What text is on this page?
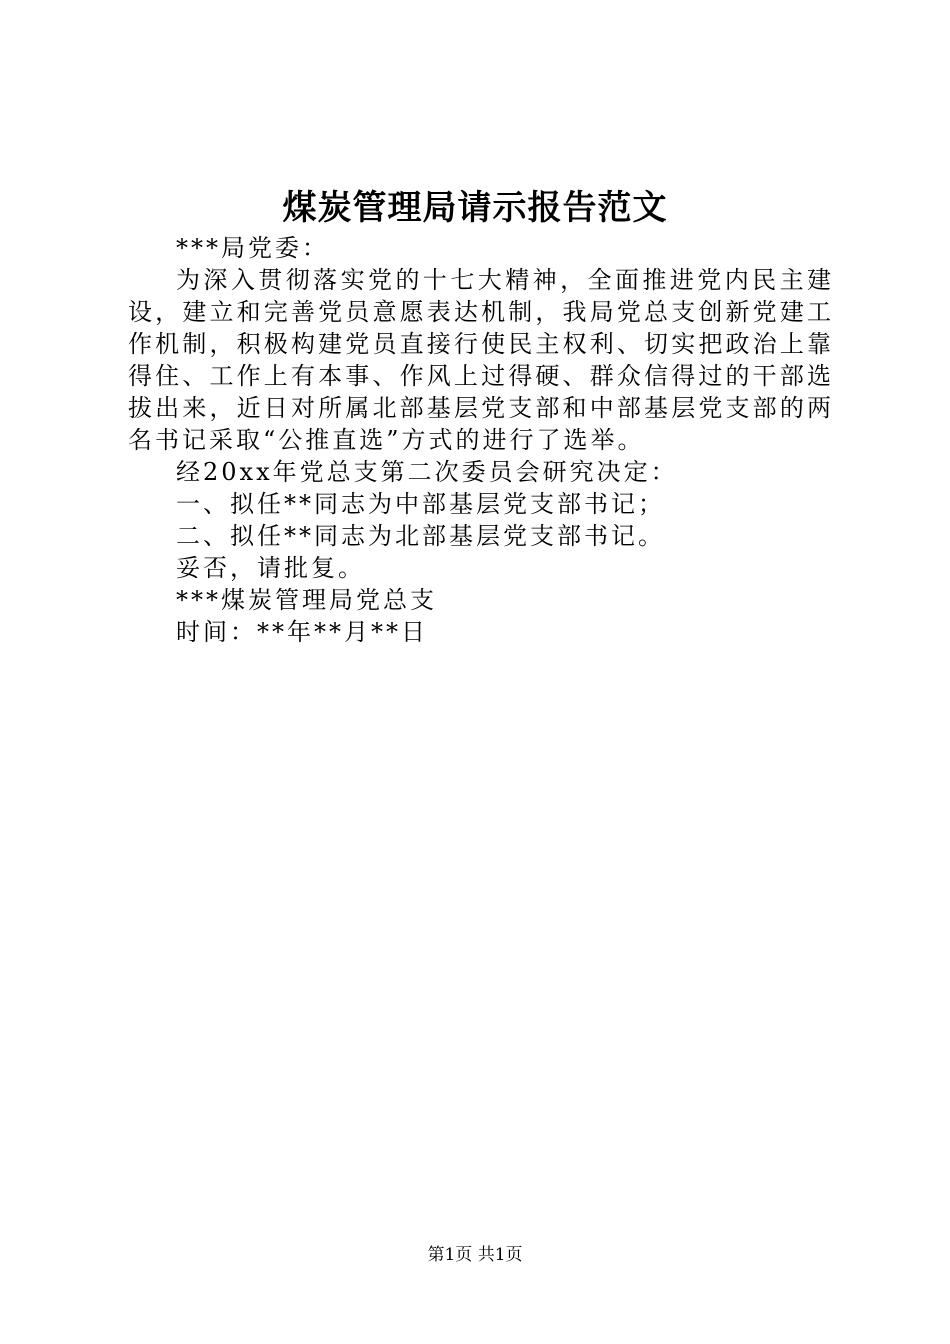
煤炭管理局请示报告范文

***局党委：

为深入贯彻落实党的十七大精神，全面推进党内民主建设，建立和完善党员意愿表达机制，我局党总支创新党建工作机制，积极构建党员直接行使民主权利、切实把政治上靠得住、工作上有本事、作风上过得硬、群众信得过的干部选拔出来，近日对所属北部基层党支部和中部基层党支部的两名书记采取“公推直选”方式的进行了选举。

经20xx年党总支第二次委员会研究决定：

一、拟任**同志为中部基层党支部书记；

二、拟任**同志为北部基层党支部书记。

妥否，请批复。

***煤炭管理局党总支

时间：**年**月**日

第1页 共1页
